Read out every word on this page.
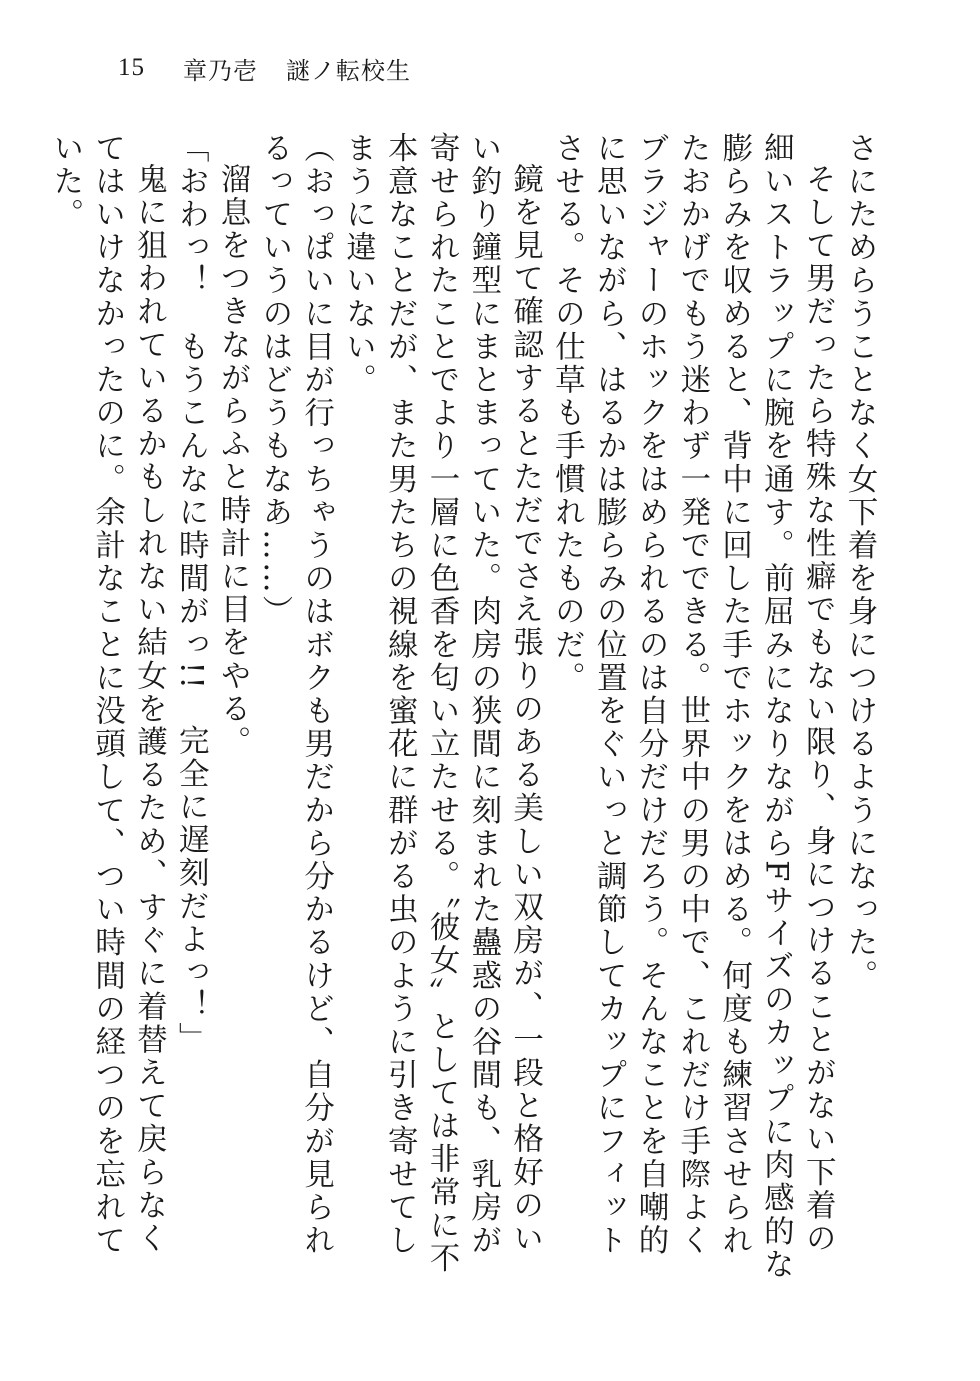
15 章乃壱 謎ノ転校生

さにためらうことなく女下着を身につけるようになった。

そして男だったら特殊な性癖でもない限り、身につけることがない下着の細いストラップに腕を通す。前屈みになりながらFサイズのカップに肉感的な膨らみを収めると、背中に回した手でホックをはめる。何度も練習させられたおかげでもう迷わず一発でできる。世界中の男の中で、これだけ手際よくブラジャーのホックをはめられるのは自分だけだろう。そんなことを自嘲的に思いながら、はるかは膨らみの位置をぐいっと調節してカップにフィットさせる。その仕草も手慣れたものだ。

鏡を見て確認するとただでさえ張りのある美しい双房が、一段と格好のいい釣り鐘型にまとまっていた。肉房の狭間に刻まれた蠱惑の谷間も、乳房が寄せられたことでより一層に色香を匂い立たせる。〝彼女〟としては非常に不本意なことだが、また男たちの視線を蜜花に群がる虫のように引き寄せてしまうに違いない。

（おっぱいに目が行っちゃうのはボクも男だから分かるけど、自分が見られるっていうのはどうもなあ……）

溜息をつきながらふと時計に目をやる。

「おわっ！　もうこんなに時間がっ!!　完全に遅刻だよっ！」

鬼に狙われているかもしれない結女を護るため、すぐに着替えて戻らなくてはいけなかったのに。余計なことに没頭して、つい時間の経つのを忘れていた。
